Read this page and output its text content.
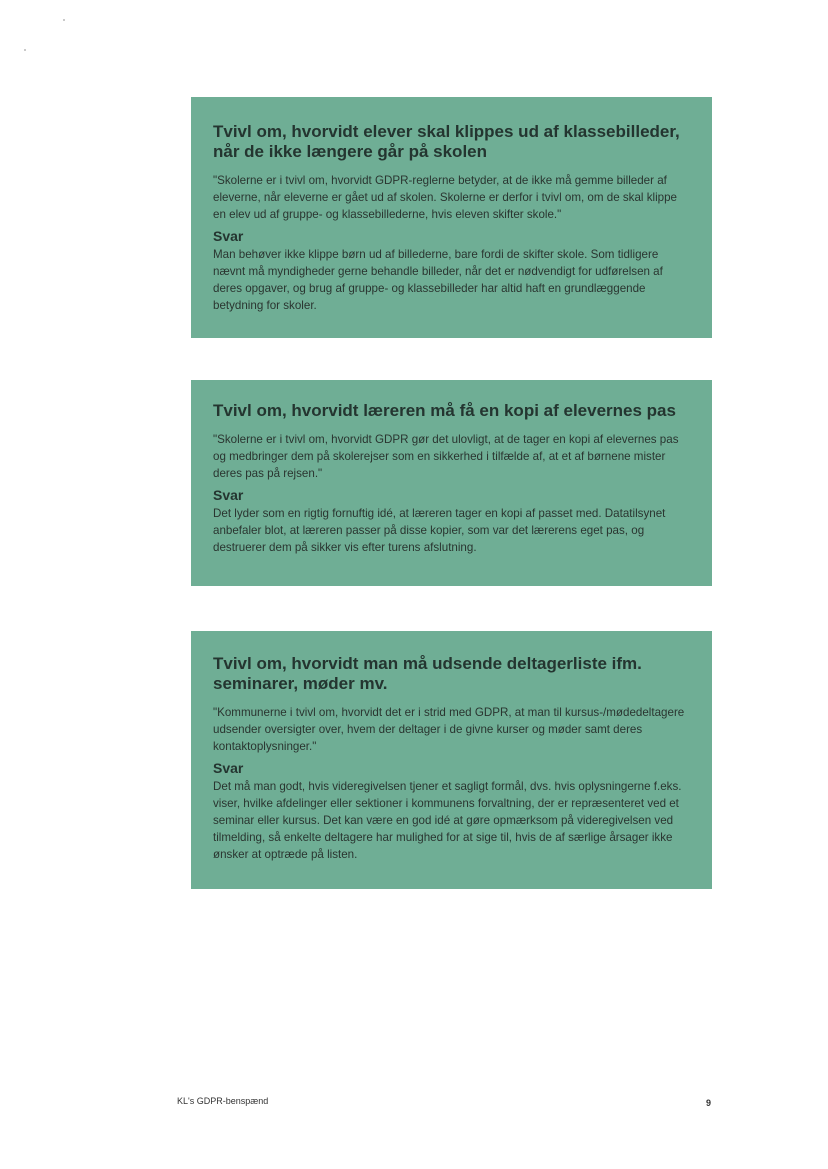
Tvivl om, hvorvidt elever skal klippes ud af klassebilleder, når de ikke længere går på skolen

"Skolerne er i tvivl om, hvorvidt GDPR-reglerne betyder, at de ikke må gemme billeder af eleverne, når eleverne er gået ud af skolen. Skolerne er derfor i tvivl om, om de skal klippe en elev ud af gruppe- og klassebillederne, hvis eleven skifter skole."

Svar

Man behøver ikke klippe børn ud af billederne, bare fordi de skifter skole. Som tidligere nævnt må myndigheder gerne behandle billeder, når det er nødvendigt for udførelsen af deres opgaver, og brug af gruppe- og klassebilleder har altid haft en grundlæggende betydning for skoler.

Tvivl om, hvorvidt læreren må få en kopi af elevernes pas

"Skolerne er i tvivl om, hvorvidt GDPR gør det ulovligt, at de tager en kopi af elevernes pas og medbringer dem på skolerejser som en sikkerhed i tilfælde af, at et af børnene mister deres pas på rejsen."

Svar

Det lyder som en rigtig fornuftig idé, at læreren tager en kopi af passet med. Datatilsynet anbefaler blot, at læreren passer på disse kopier, som var det lærerens eget pas, og destruerer dem på sikker vis efter turens afslutning.

Tvivl om, hvorvidt man må udsende deltagerliste ifm. seminarer, møder mv.

"Kommunerne i tvivl om, hvorvidt det er i strid med GDPR, at man til kursus-/mødedeltagere udsender oversigter over, hvem der deltager i de givne kurser og møder samt deres kontaktoplysninger."

Svar

Det må man godt, hvis videregivelsen tjener et sagligt formål, dvs. hvis oplysningerne f.eks. viser, hvilke afdelinger eller sektioner i kommunens forvaltning, der er repræsenteret ved et seminar eller kursus. Det kan være en god idé at gøre opmærksom på videregivelsen ved tilmelding, så enkelte deltagere har mulighed for at sige til, hvis de af særlige årsager ikke ønsker at optræde på listen.

KL's GDPR-benspænd	9
